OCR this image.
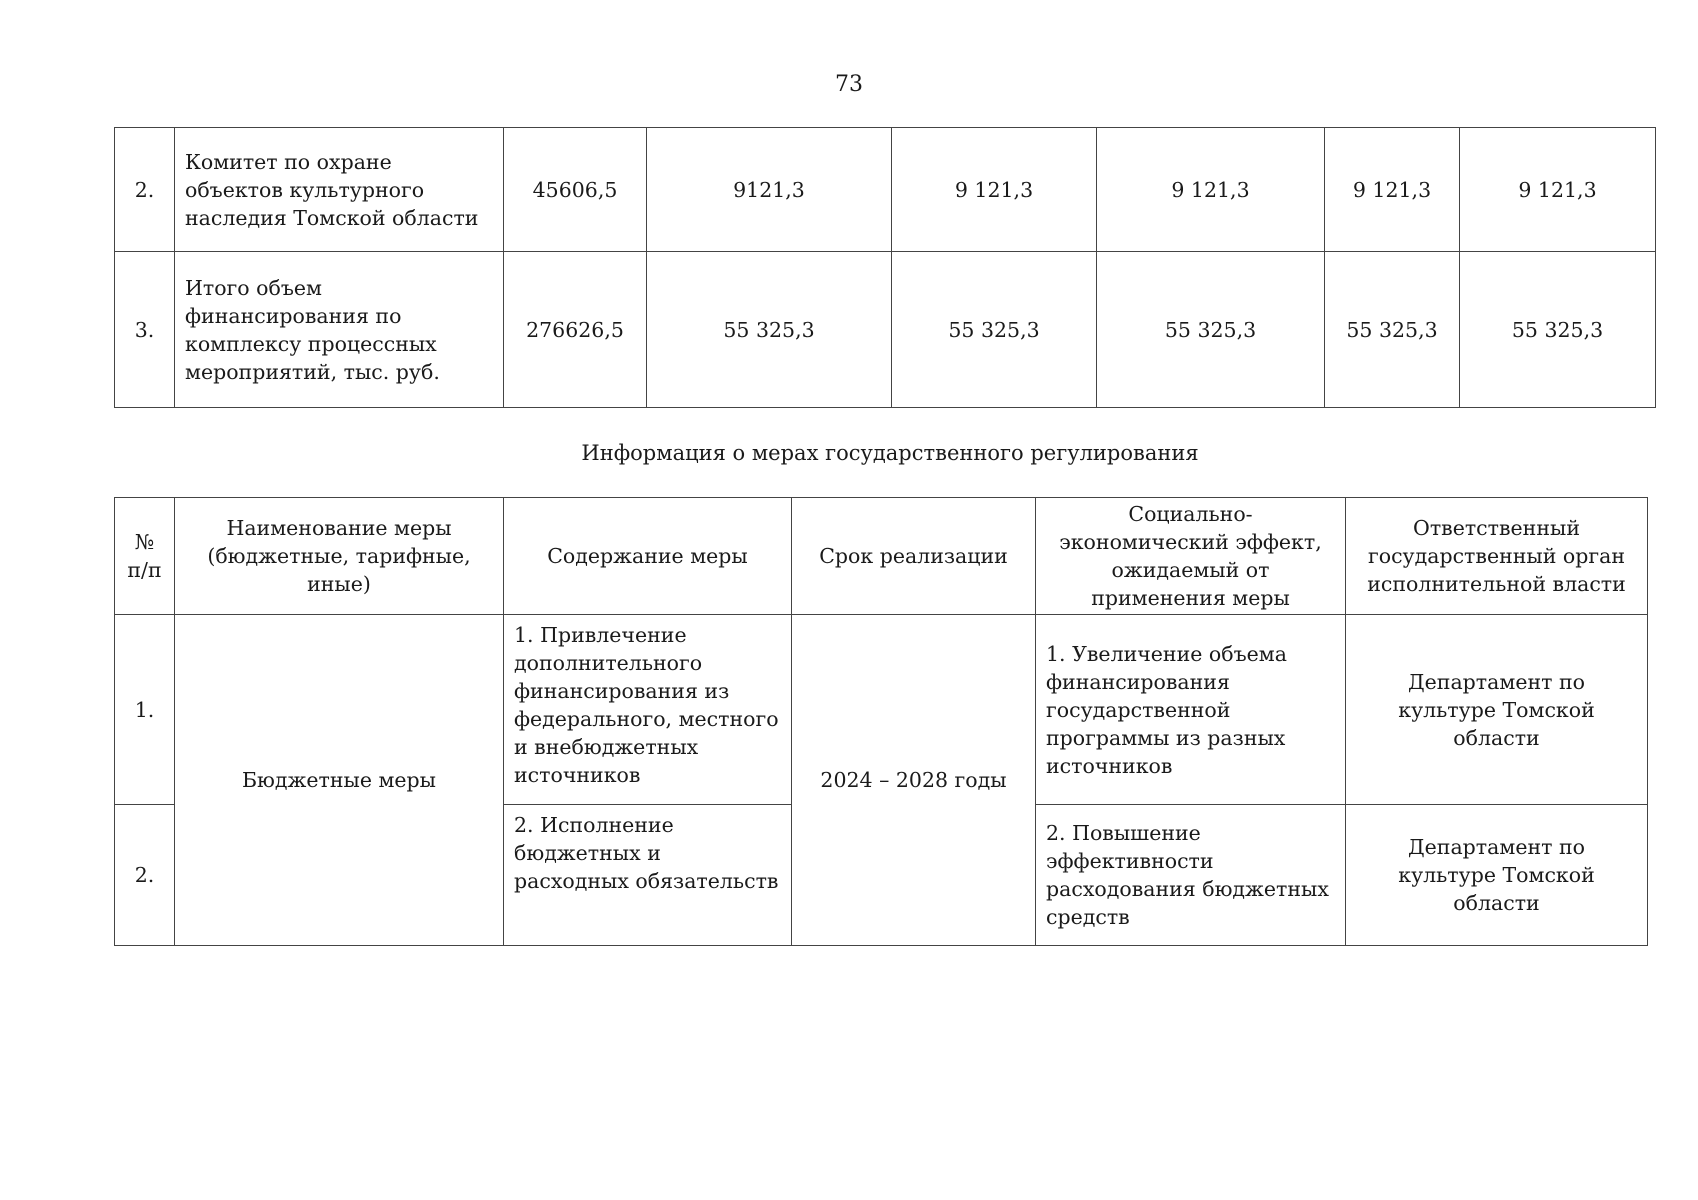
73
2.	Комитет по охране объектов культурного наследия Томской области	45606,5	9121,3	9 121,3	9 121,3	9 121,3	9 121,3
3.	Итого объем финансирования по комплексу процессных мероприятий, тыс. руб.	276626,5	55 325,3	55 325,3	55 325,3	55 325,3	55 325,3
Информация о мерах государственного регулирования
№ п/п	Наименование меры (бюджетные, тарифные, иные)	Содержание меры	Срок реализации	Социально-экономический эффект, ожидаемый от применения меры	Ответственный государственный орган исполнительной власти
1.	Бюджетные меры	1. Привлечение дополнительного финансирования из федерального, местного и внебюджетных источников	2024 – 2028 годы	1. Увеличение объема финансирования государственной программы из разных источников	Департамент по культуре Томской области
2.		2. Исполнение бюджетных и расходных обязательств		2. Повышение эффективности расходования бюджетных средств	Департамент по культуре Томской области
